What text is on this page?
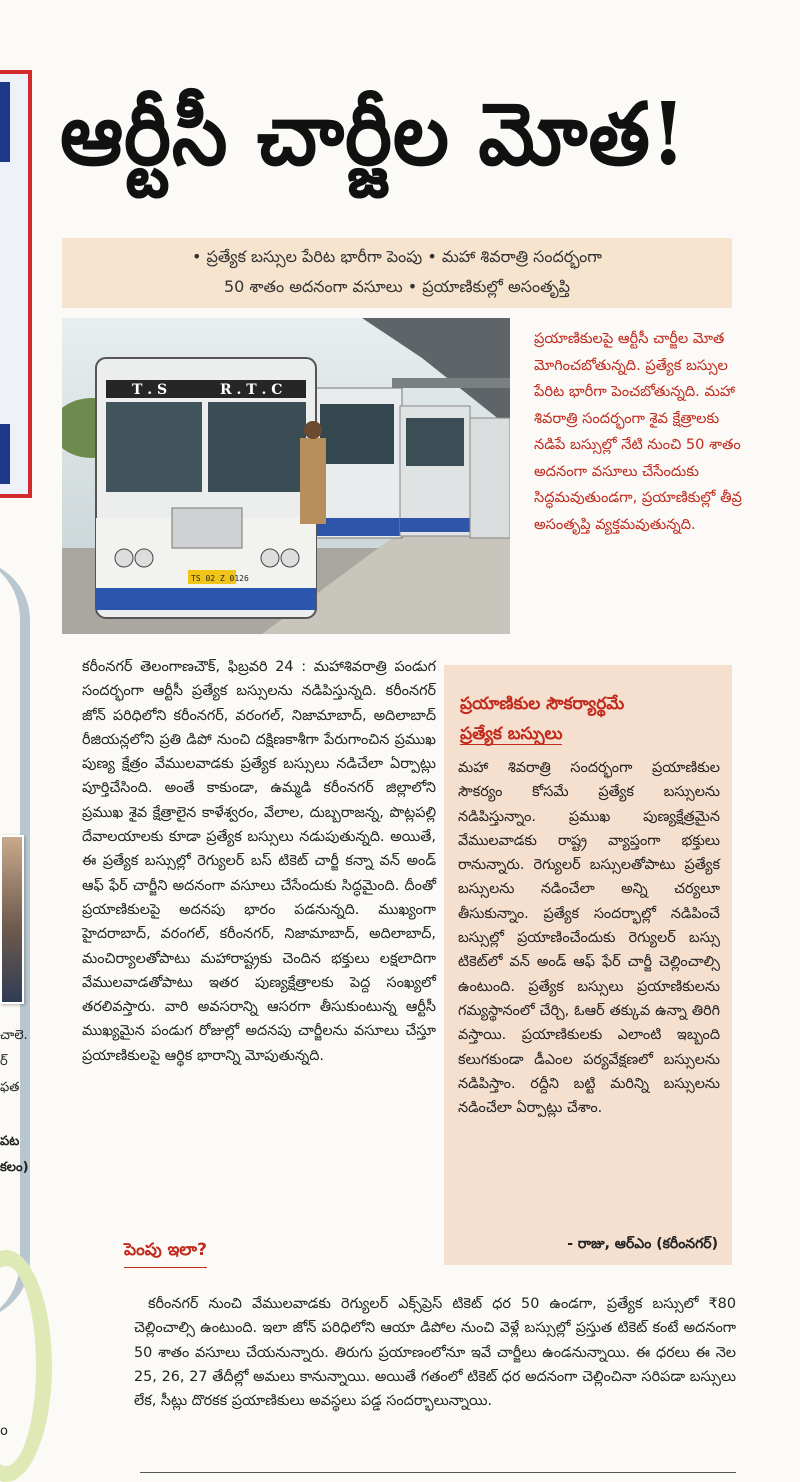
చాలె.
ర్
ఫత
పట
కలం)
o
ఆర్టీసీ చార్జీల మోత!
• ప్రత్యేక బస్సుల పేరిట భారీగా పెంపు • మహా శివరాత్రి సందర్భంగా
50 శాతం అదనంగా వసూలు • ప్రయాణికుల్లో అసంతృప్తి
T . S	R . T . C
TS 02 Z 0126
ప్రయాణికులపై ఆర్టీసీ చార్జీల మోత మోగించబోతున్నది. ప్రత్యేక బస్సుల పేరిట భారీగా పెంచబోతున్నది. మహా శివరాత్రి సందర్భంగా శైవ క్షేత్రాలకు నడిపే బస్సుల్లో నేటి నుంచి 50 శాతం అదనంగా వసూలు చేసేందుకు సిద్ధమవుతుండగా, ప్రయాణికుల్లో తీవ్ర అసంతృప్తి వ్యక్తమవుతున్నది.
కరీంనగర్ తెలంగాణచౌక్, ఫిబ్రవరి 24 : మహాశివరాత్రి పండుగ సందర్భంగా ఆర్టీసీ ప్రత్యేక బస్సులను నడిపిస్తున్నది. కరీంనగర్ జోన్ పరిధిలోని కరీంనగర్, వరంగల్, నిజామాబాద్, అదిలాబాద్ రీజియన్లలోని ప్రతి డిపో నుంచి దక్షిణకాశీగా పేరుగాంచిన ప్రముఖ పుణ్య క్షేత్రం వేములవాడకు ప్రత్యేక బస్సులు నడిచేలా ఏర్పాట్లు పూర్తిచేసింది. అంతే కాకుండా, ఉమ్మడి కరీంనగర్ జిల్లాలోని ప్రముఖ శైవ క్షేత్రాలైన కాళేశ్వరం, వేలాల, దుబ్బరాజన్న, పొట్లపల్లి దేవాలయాలకు కూడా ప్రత్యేక బస్సులు నడుపుతున్నది. అయితే, ఈ ప్రత్యేక బస్సుల్లో రెగ్యులర్ బస్ టికెట్ చార్జీ కన్నా వన్ అండ్ ఆఫ్ ఫేర్ చార్జీని అదనంగా వసూలు చేసేందుకు సిద్ధమైంది. దీంతో ప్రయాణికులపై అదనపు భారం పడనున్నది. ముఖ్యంగా హైదరాబాద్, వరంగల్, కరీంనగర్, నిజామాబాద్, అదిలాబాద్, మంచిర్యాలతోపాటు మహారాష్ట్రకు చెందిన భక్తులు లక్షలాదిగా వేములవాడతోపాటు ఇతర పుణ్యక్షేత్రాలకు పెద్ద సంఖ్యలో తరలివస్తారు. వారి అవసరాన్ని ఆసరగా తీసుకుంటున్న ఆర్టీసీ ముఖ్యమైన పండుగ రోజుల్లో అదనపు చార్జీలను వసూలు చేస్తూ ప్రయాణికులపై ఆర్థిక భారాన్ని మోపుతున్నది.
పెంపు ఇలా?
ప్రయాణికుల సౌకర్యార్థమే
ప్రత్యేక బస్సులు
మహా శివరాత్రి సందర్భంగా ప్రయాణికుల సౌకర్యం కోసమే ప్రత్యేక బస్సులను నడిపిస్తున్నాం. ప్రముఖ పుణ్యక్షేత్రమైన వేములవాడకు రాష్ట్ర వ్యాప్తంగా భక్తులు రానున్నారు. రెగ్యులర్ బస్సులతోపాటు ప్రత్యేక బస్సులను నడించేలా అన్ని చర్యలూ తీసుకున్నాం. ప్రత్యేక సందర్భాల్లో నడిపించే బస్సుల్లో ప్రయాణించేందుకు రెగ్యులర్ బస్సు టికెట్‌లో వన్ అండ్ ఆఫ్ ఫేర్ చార్జీ చెల్లించాల్సి ఉంటుంది. ప్రత్యేక బస్సులు ప్రయాణికులను గమ్యస్థానంలో చేర్చి, ఓఆర్ తక్కువ ఉన్నా తిరిగి వస్తాయి. ప్రయాణికులకు ఎలాంటి ఇబ్బంది కలుగకుండా డీఎంల పర్యవేక్షణలో బస్సులను నడిపిస్తాం. రద్దీని బట్టి మరిన్ని బస్సులను నడించేలా ఏర్పాట్లు చేశాం.
- రాజు, ఆర్ఎం (కరీంనగర్)
కరీంనగర్ నుంచి వేములవాడకు రెగ్యులర్ ఎక్స్‌ప్రెస్ టికెట్ ధర 50 ఉండగా, ప్రత్యేక బస్సులో ₹80 చెల్లించాల్సి ఉంటుంది. ఇలా జోన్ పరిధిలోని ఆయా డిపోల నుంచి వెళ్లే బస్సుల్లో ప్రస్తుత టికెట్ కంటే అదనంగా 50 శాతం వసూలు చేయనున్నారు. తిరుగు ప్రయాణంలోనూ ఇవే చార్జీలు ఉండనున్నాయి. ఈ ధరలు ఈ నెల 25, 26, 27 తేదీల్లో అమలు కానున్నాయి. అయితే గతంలో టికెట్ ధర అదనంగా చెల్లించినా సరిపడా బస్సులు లేక, సీట్లు దొరకక ప్రయాణికులు అవస్థలు పడ్డ సందర్భాలున్నాయి.
